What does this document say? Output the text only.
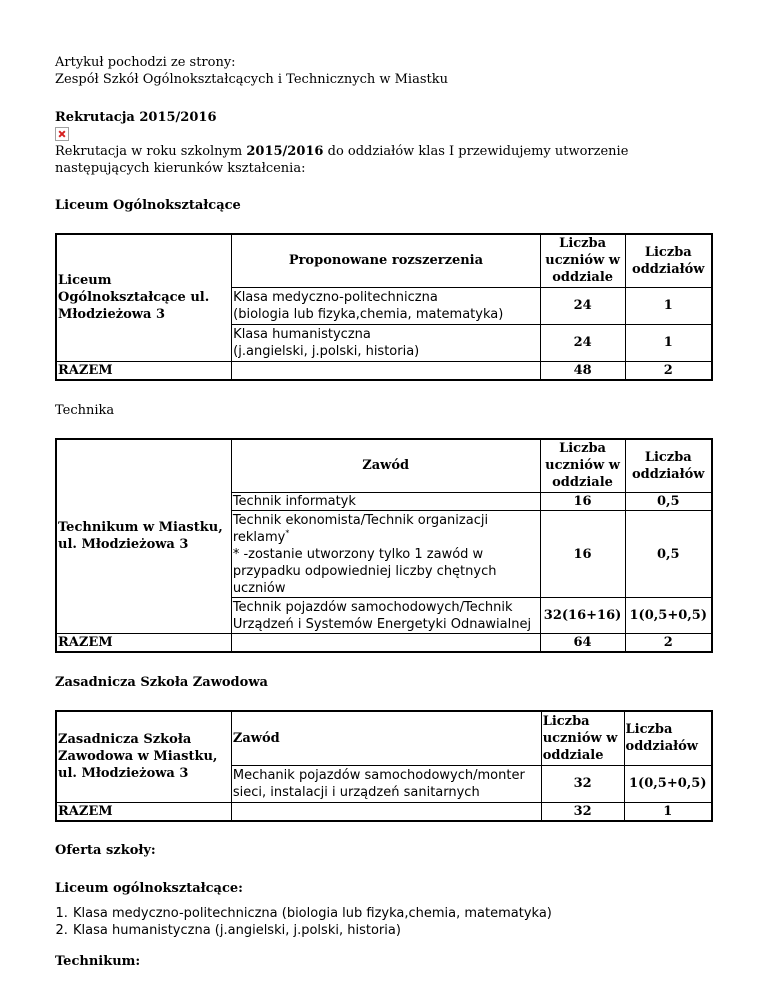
Artykuł pochodzi ze strony:
Zespół Szkół Ogólnokształcących i Technicznych w Miastku

Rekrutacja 2015/2016

Rekrutacja w roku szkolnym 2015/2016 do oddziałów klas I przewidujemy utworzenie następujących kierunków kształcenia:

Liceum Ogólnokształcące

Liceum Ogólnokształcące ul. Młodzieżowa 3	Proponowane rozszerzenia	Liczba uczniów w oddziale	Liczba oddziałów
	Klasa medyczno-politechniczna
(biologia lub fizyka,chemia, matematyka)	24	1
	Klasa humanistyczna
(j.angielski, j.polski, historia)	24	1
RAZEM		48	2

Technika

Technikum w Miastku, ul. Młodzieżowa 3	Zawód	Liczba uczniów w oddziale	Liczba oddziałów
	Technik informatyk	16	0,5
	Technik ekonomista/Technik organizacji reklamy*
* -zostanie utworzony tylko 1 zawód w przypadku odpowiedniej liczby chętnych uczniów	16	0,5
	Technik pojazdów samochodowych/Technik Urządzeń i Systemów Energetyki Odnawialnej	32(16+16)	1(0,5+0,5)
RAZEM		64	2

Zasadnicza Szkoła Zawodowa

Zasadnicza Szkoła Zawodowa w Miastku, ul. Młodzieżowa 3	Zawód	Liczba uczniów w oddziale	Liczba oddziałów
	Mechanik pojazdów samochodowych/monter sieci, instalacji i urządzeń sanitarnych	32	1(0,5+0,5)
RAZEM		32	1

Oferta szkoły:

Liceum ogólnokształcące:

1. Klasa medyczno-politechniczna (biologia lub fizyka,chemia, matematyka)
2. Klasa humanistyczna (j.angielski, j.polski, historia)

Technikum:
